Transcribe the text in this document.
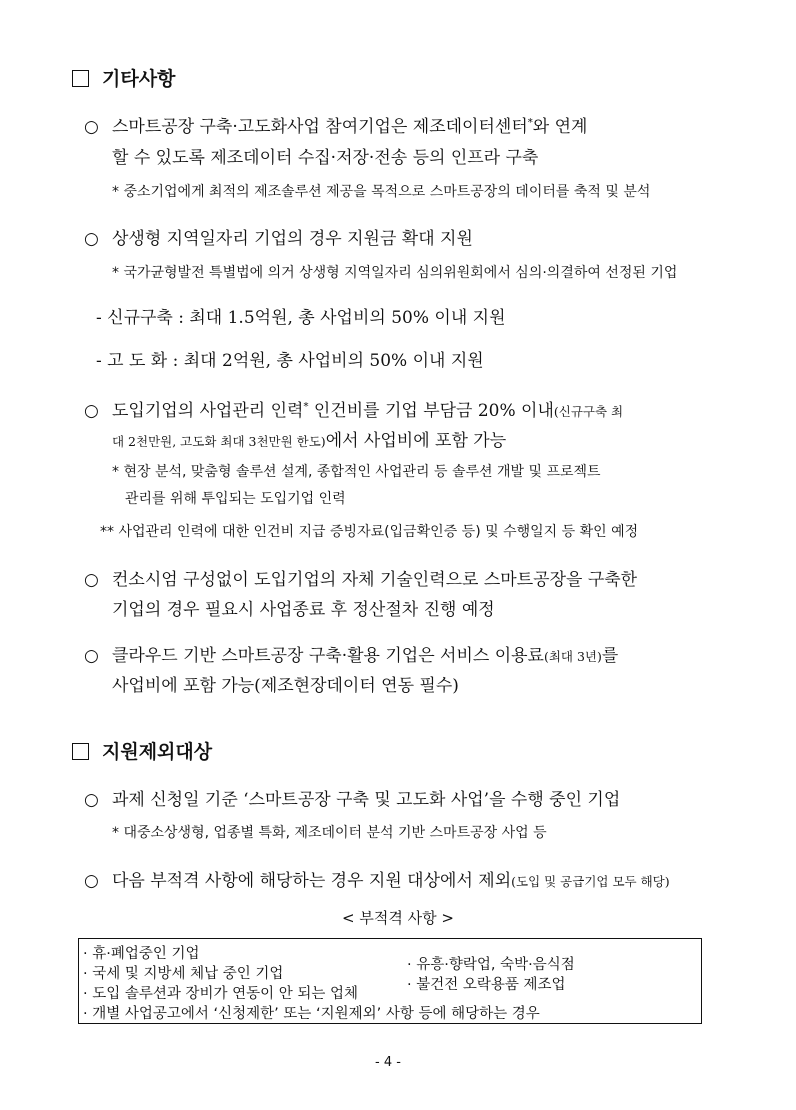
기타사항
○ 스마트공장 구축·고도화사업 참여기업은 제조데이터센터*와 연계
할 수 있도록 제조데이터 수집·저장·전송 등의 인프라 구축
* 중소기업에게 최적의 제조솔루션 제공을 목적으로 스마트공장의 데이터를 축적 및 분석
○ 상생형 지역일자리 기업의 경우 지원금 확대 지원
* 국가균형발전 특별법에 의거 상생형 지역일자리 심의위원회에서 심의·의결하여 선정된 기업
- 신규구축 : 최대 1.5억원, 총 사업비의 50% 이내 지원
- 고 도 화 : 최대 2억원, 총 사업비의 50% 이내 지원
○ 도입기업의 사업관리 인력* 인건비를 기업 부담금 20% 이내(신규구축 최
대 2천만원, 고도화 최대 3천만원 한도)에서 사업비에 포함 가능
* 현장 분석, 맞춤형 솔루션 설계, 종합적인 사업관리 등 솔루션 개발 및 프로젝트
관리를 위해 투입되는 도입기업 인력
** 사업관리 인력에 대한 인건비 지급 증빙자료(입금확인증 등) 및 수행일지 등 확인 예정
○ 컨소시엄 구성없이 도입기업의 자체 기술인력으로 스마트공장을 구축한
기업의 경우 필요시 사업종료 후 정산절차 진행 예정
○ 클라우드 기반 스마트공장 구축·활용 기업은 서비스 이용료(최대 3년)를
사업비에 포함 가능(제조현장데이터 연동 필수)
지원제외대상
○ 과제 신청일 기준 ‘스마트공장 구축 및 고도화 사업’을 수행 중인 기업
* 대중소상생형, 업종별 특화, 제조데이터 분석 기반 스마트공장 사업 등
○ 다음 부적격 사항에 해당하는 경우 지원 대상에서 제외(도입 및 공급기업 모두 해당)
< 부적격 사항 >
· 휴·폐업중인 기업
· 국세 및 지방세 체납 중인 기업
· 도입 솔루션과 장비가 연동이 안 되는 업체
· 개별 사업공고에서 ‘신청제한’ 또는 ‘지원제외’ 사항 등에 해당하는 경우
· 유흥·향락업, 숙박·음식점
· 불건전 오락용품 제조업
- 4 -
